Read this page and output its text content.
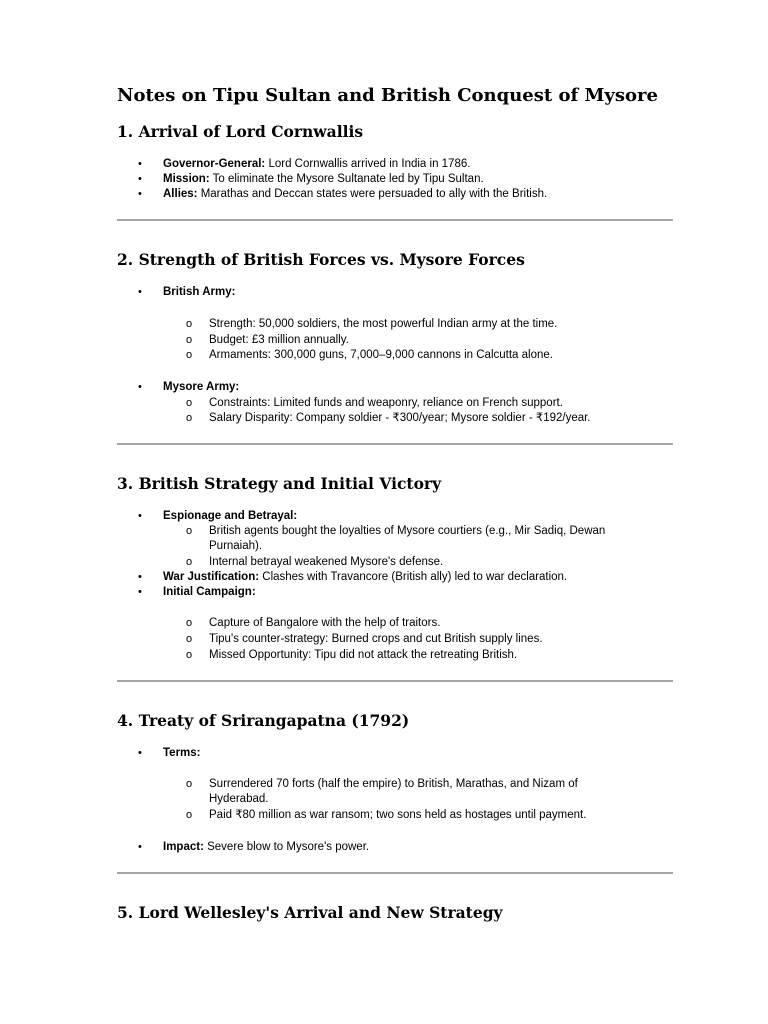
Notes on Tipu Sultan and British Conquest of Mysore
1. Arrival of Lord Cornwallis
• Governor-General: Lord Cornwallis arrived in India in 1786.
• Mission: To eliminate the Mysore Sultanate led by Tipu Sultan.
• Allies: Marathas and Deccan states were persuaded to ally with the British.
2. Strength of British Forces vs. Mysore Forces
• British Army:
o Strength: 50,000 soldiers, the most powerful Indian army at the time.
o Budget: £3 million annually.
o Armaments: 300,000 guns, 7,000–9,000 cannons in Calcutta alone.
• Mysore Army:
o Constraints: Limited funds and weaponry, reliance on French support.
o Salary Disparity: Company soldier - ₹300/year; Mysore soldier - ₹192/year.
3. British Strategy and Initial Victory
• Espionage and Betrayal:
o British agents bought the loyalties of Mysore courtiers (e.g., Mir Sadiq, Dewan Purnaiah).
o Internal betrayal weakened Mysore's defense.
• War Justification: Clashes with Travancore (British ally) led to war declaration.
• Initial Campaign:
o Capture of Bangalore with the help of traitors.
o Tipu's counter-strategy: Burned crops and cut British supply lines.
o Missed Opportunity: Tipu did not attack the retreating British.
4. Treaty of Srirangapatna (1792)
• Terms:
o Surrendered 70 forts (half the empire) to British, Marathas, and Nizam of Hyderabad.
o Paid ₹80 million as war ransom; two sons held as hostages until payment.
• Impact: Severe blow to Mysore's power.
5. Lord Wellesley's Arrival and New Strategy
